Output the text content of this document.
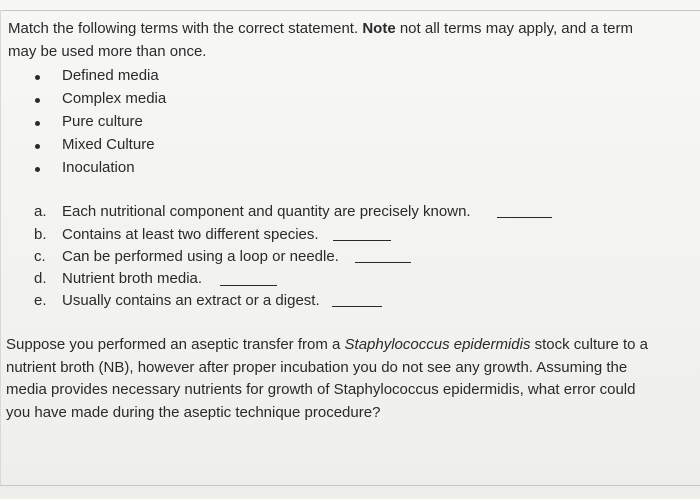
Match the following terms with the correct statement. Note not all terms may apply, and a term
may be used more than once.
Defined media
Complex media
Pure culture
Mixed Culture
Inoculation
a. Each nutritional component and quantity are precisely known.
b. Contains at least two different species.
c. Can be performed using a loop or needle.
d. Nutrient broth media.
e. Usually contains an extract or a digest.
Suppose you performed an aseptic transfer from a Staphylococcus epidermidis stock culture to a
nutrient broth (NB), however after proper incubation you do not see any growth. Assuming the
media provides necessary nutrients for growth of Staphylococcus epidermidis, what error could
you have made during the aseptic technique procedure?
